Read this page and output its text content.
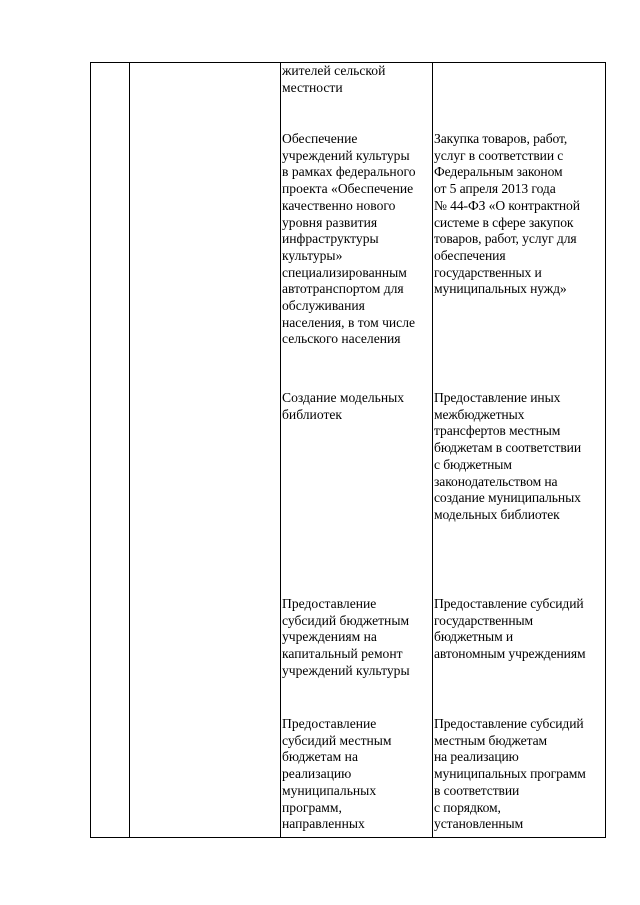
жителей сельской
местности
Обеспечение
учреждений культуры
в рамках федерального
проекта «Обеспечение
качественно нового
уровня развития
инфраструктуры
культуры»
специализированным
автотранспортом для
обслуживания
населения, в том числе
сельского населения
Закупка товаров, работ,
услуг в соответствии с
Федеральным законом
от 5 апреля 2013 года
№ 44-ФЗ «О контрактной
системе в сфере закупок
товаров, работ, услуг для
обеспечения
государственных и
муниципальных нужд»
Создание модельных
библиотек
Предоставление иных
межбюджетных
трансфертов местным
бюджетам в соответствии
с бюджетным
законодательством на
создание муниципальных
модельных библиотек
Предоставление
субсидий бюджетным
учреждениям на
капитальный ремонт
учреждений культуры
Предоставление субсидий
государственным
бюджетным и
автономным учреждениям
Предоставление
субсидий местным
бюджетам на
реализацию
муниципальных
программ,
направленных
Предоставление субсидий
местным бюджетам
на реализацию
муниципальных программ
в соответствии
с порядком,
установленным
